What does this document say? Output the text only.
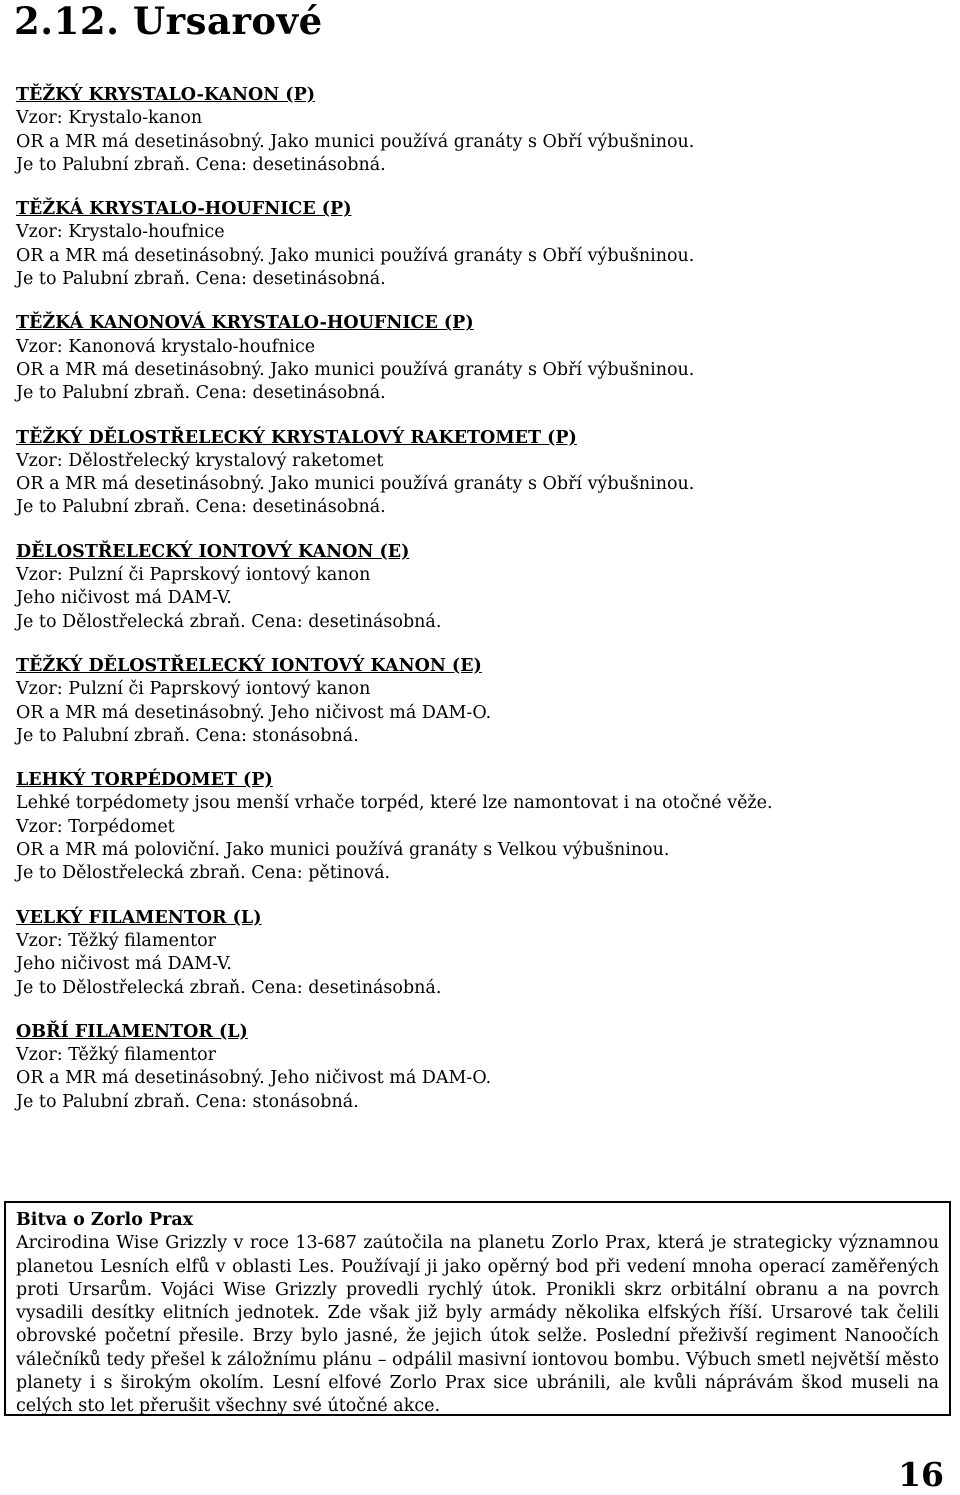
2.12. Ursarové

TĚŽKÝ KRYSTALO-KANON (P)

Vzor: Krystalo-kanon

OR a MR má desetinásobný. Jako munici používá granáty s Obří výbušninou.

Je to Palubní zbraň. Cena: desetinásobná.

TĚŽKÁ KRYSTALO-HOUFNICE (P)

Vzor: Krystalo-houfnice

OR a MR má desetinásobný. Jako munici používá granáty s Obří výbušninou.

Je to Palubní zbraň. Cena: desetinásobná.

TĚŽKÁ KANONOVÁ KRYSTALO-HOUFNICE (P)

Vzor: Kanonová krystalo-houfnice

OR a MR má desetinásobný. Jako munici používá granáty s Obří výbušninou.

Je to Palubní zbraň. Cena: desetinásobná.

TĚŽKÝ DĚLOSTŘELECKÝ KRYSTALOVÝ RAKETOMET (P)

Vzor: Dělostřelecký krystalový raketomet

OR a MR má desetinásobný. Jako munici používá granáty s Obří výbušninou.

Je to Palubní zbraň. Cena: desetinásobná.

DĚLOSTŘELECKÝ IONTOVÝ KANON (E)

Vzor: Pulzní či Paprskový iontový kanon

Jeho ničivost má DAM-V.

Je to Dělostřelecká zbraň. Cena: desetinásobná.

TĚŽKÝ DĚLOSTŘELECKÝ IONTOVÝ KANON (E)

Vzor: Pulzní či Paprskový iontový kanon

OR a MR má desetinásobný. Jeho ničivost má DAM-O.

Je to Palubní zbraň. Cena: stonásobná.

LEHKÝ TORPÉDOMET (P)

Lehké torpédomety jsou menší vrhače torpéd, které lze namontovat i na otočné věže.

Vzor: Torpédomet

OR a MR má poloviční. Jako munici používá granáty s Velkou výbušninou.

Je to Dělostřelecká zbraň. Cena: pětinová.

VELKÝ FILAMENTOR (L)

Vzor: Těžký filamentor

Jeho ničivost má DAM-V.

Je to Dělostřelecká zbraň. Cena: desetinásobná.

OBŘÍ FILAMENTOR (L)

Vzor: Těžký filamentor

OR a MR má desetinásobný. Jeho ničivost má DAM-O.

Je to Palubní zbraň. Cena: stonásobná.

Bitva o Zorlo Prax

Arcirodina Wise Grizzly v roce 13-687 zaútočila na planetu Zorlo Prax, která je strategicky významnou planetou Lesních elfů v oblasti Les. Používají ji jako opěrný bod při vedení mnoha operací zaměřených proti Ursarům. Vojáci Wise Grizzly provedli rychlý útok. Pronikli skrz orbitální obranu a na povrch vysadili desítky elitních jednotek. Zde však již byly armády několika elfských říší. Ursarové tak čelili obrovské početní přesile. Brzy bylo jasné, že jejich útok selže. Poslední přeživší regiment Nanoočích válečníků tedy přešel k záložnímu plánu – odpálil masivní iontovou bombu. Výbuch smetl největší město planety i s širokým okolím. Lesní elfové Zorlo Prax sice ubránili, ale kvůli náprávám škod museli na celých sto let přerušit všechny své útočné akce.

16
